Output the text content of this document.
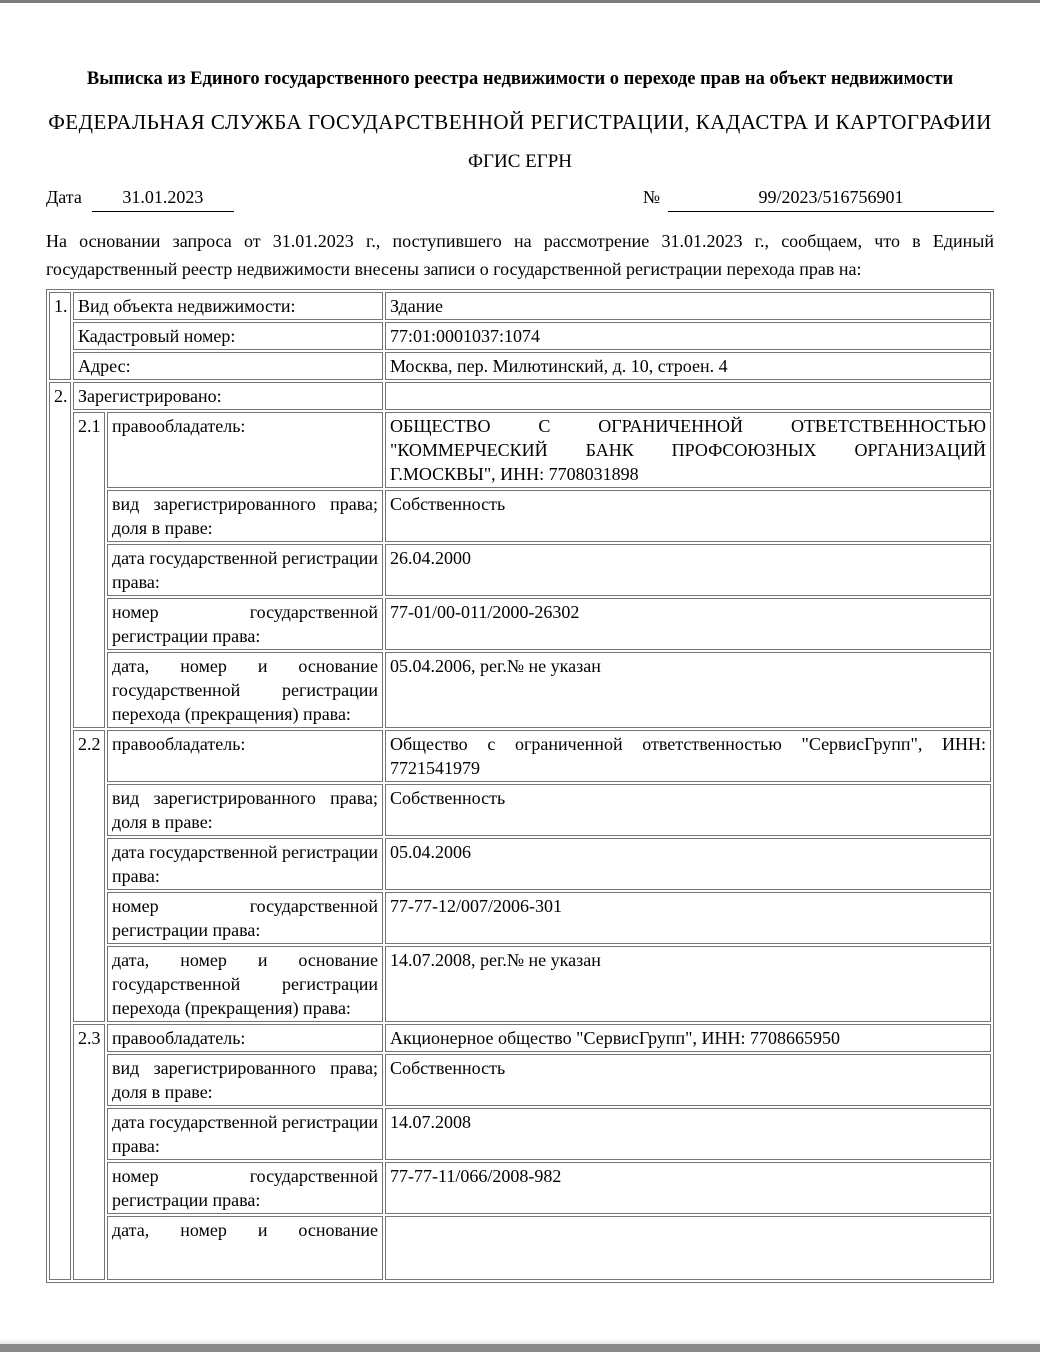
Выписка из Единого государственного реестра недвижимости о переходе прав на объект недвижимости
ФЕДЕРАЛЬНАЯ СЛУЖБА ГОСУДАРСТВЕННОЙ РЕГИСТРАЦИИ, КАДАСТРА И КАРТОГРАФИИ
ФГИС ЕГРН
Дата	31.01.2023	№	99/2023/516756901
На основании запроса от 31.01.2023 г., поступившего на рассмотрение 31.01.2023 г., сообщаем, что в Единый государственный реестр недвижимости внесены записи о государственной регистрации перехода прав на:
1.	Вид объекта недвижимости:		Здание
	Кадастровый номер:		77:01:0001037:1074
	Адрес:		Москва, пер. Милютинский, д. 10, строен. 4
2.	Зарегистрировано:		
	2.1	правообладатель:	ОБЩЕСТВО С ОГРАНИЧЕННОЙ ОТВЕТСТВЕННОСТЬЮ "КОММЕРЧЕСКИЙ БАНК ПРОФСОЮЗНЫХ ОРГАНИЗАЦИЙ Г.МОСКВЫ", ИНН: 7708031898
		вид зарегистрированного права; доля в праве:	Собственность
		дата государственной регистрации права:	26.04.2000
		номер государственной регистрации права:	77-01/00-011/2000-26302
		дата, номер и основание государственной регистрации перехода (прекращения) права:	05.04.2006, рег.№ не указан
	2.2	правообладатель:	Общество с ограниченной ответственностью "СервисГрупп", ИНН: 7721541979
		вид зарегистрированного права; доля в праве:	Собственность
		дата государственной регистрации права:	05.04.2006
		номер государственной регистрации права:	77-77-12/007/2006-301
		дата, номер и основание государственной регистрации перехода (прекращения) права:	14.07.2008, рег.№ не указан
	2.3	правообладатель:	Акционерное общество "СервисГрупп", ИНН: 7708665950
		вид зарегистрированного права; доля в праве:	Собственность
		дата государственной регистрации права:	14.07.2008
		номер государственной регистрации права:	77-77-11/066/2008-982
		дата, номер и основание	
